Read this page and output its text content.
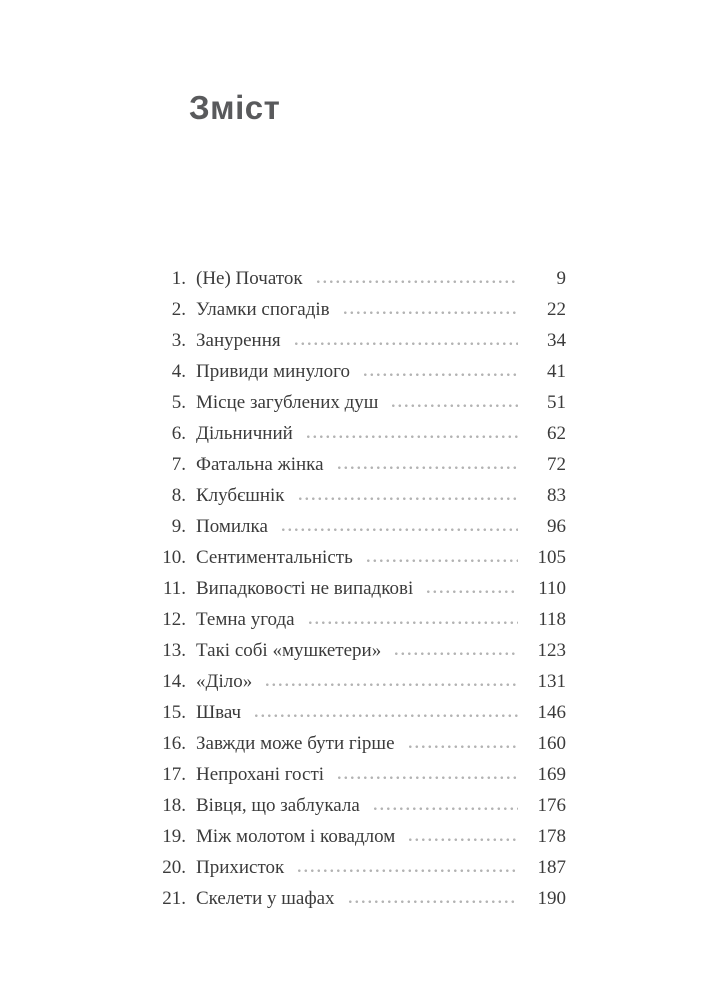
Зміст
1. (Не) Початок	9
2. Уламки спогадів	22
3. Занурення	34
4. Привиди минулого	41
5. Місце загублених душ	51
6. Дільничний	62
7. Фатальна жінка	72
8. Клубєшнік	83
9. Помилка	96
10. Сентиментальність	105
11. Випадковості не випадкові	110
12. Темна угода	118
13. Такі собі «мушкетери»	123
14. «Діло»	131
15. Швач	146
16. Завжди може бути гірше	160
17. Непрохані гості	169
18. Вівця, що заблукала	176
19. Між молотом і ковадлом	178
20. Прихисток	187
21. Скелети у шафах	190
